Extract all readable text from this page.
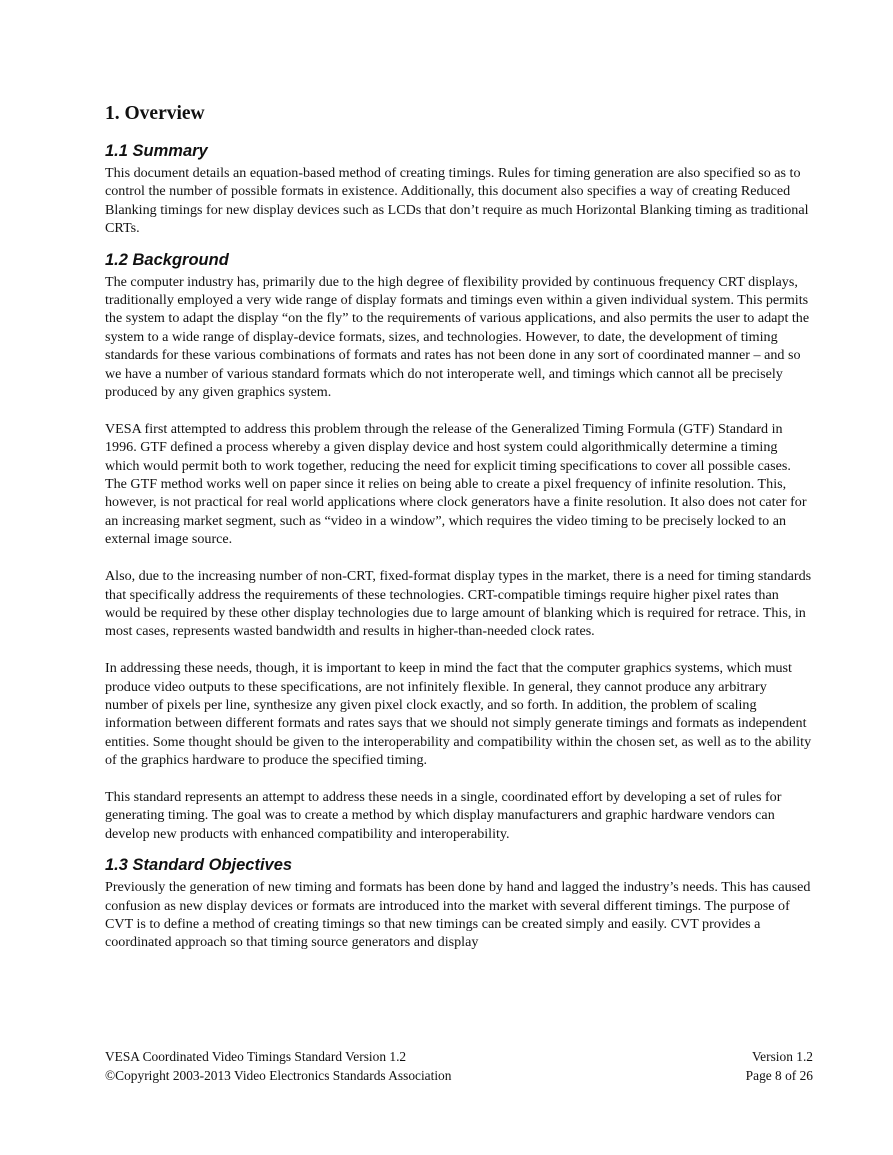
1. Overview
1.1 Summary

This document details an equation-based method of creating timings. Rules for timing generation are also specified so as to control the number of possible formats in existence. Additionally, this document also specifies a way of creating Reduced Blanking timings for new display devices such as LCDs that don’t require as much Horizontal Blanking timing as traditional CRTs.

1.2 Background

The computer industry has, primarily due to the high degree of flexibility provided by continuous frequency CRT displays, traditionally employed a very wide range of display formats and timings even within a given individual system. This permits the system to adapt the display “on the fly” to the requirements of various applications, and also permits the user to adapt the system to a wide range of display-device formats, sizes, and technologies. However, to date, the development of timing standards for these various combinations of formats and rates has not been done in any sort of coordinated manner – and so we have a number of various standard formats which do not interoperate well, and timings which cannot all be precisely produced by any given graphics system.

VESA first attempted to address this problem through the release of the Generalized Timing Formula (GTF) Standard in 1996. GTF defined a process whereby a given display device and host system could algorithmically determine a timing which would permit both to work together, reducing the need for explicit timing specifications to cover all possible cases. The GTF method works well on paper since it relies on being able to create a pixel frequency of infinite resolution. This, however, is not practical for real world applications where clock generators have a finite resolution. It also does not cater for an increasing market segment, such as “video in a window”, which requires the video timing to be precisely locked to an external image source.

Also, due to the increasing number of non-CRT, fixed-format display types in the market, there is a need for timing standards that specifically address the requirements of these technologies. CRT-compatible timings require higher pixel rates than would be required by these other display technologies due to large amount of blanking which is required for retrace. This, in most cases, represents wasted bandwidth and results in higher-than-needed clock rates.

In addressing these needs, though, it is important to keep in mind the fact that the computer graphics systems, which must produce video outputs to these specifications, are not infinitely flexible. In general, they cannot produce any arbitrary number of pixels per line, synthesize any given pixel clock exactly, and so forth. In addition, the problem of scaling information between different formats and rates says that we should not simply generate timings and formats as independent entities. Some thought should be given to the interoperability and compatibility within the chosen set, as well as to the ability of the graphics hardware to produce the specified timing.

This standard represents an attempt to address these needs in a single, coordinated effort by developing a set of rules for generating timing. The goal was to create a method by which display manufacturers and graphic hardware vendors can develop new products with enhanced compatibility and interoperability.

1.3 Standard Objectives

Previously the generation of new timing and formats has been done by hand and lagged the industry’s needs. This has caused confusion as new display devices or formats are introduced into the market with several different timings. The purpose of CVT is to define a method of creating timings so that new timings can be created simply and easily. CVT provides a coordinated approach so that timing source generators and display

VESA Coordinated Video Timings Standard Version 1.2	Version 1.2
©Copyright 2003-2013 Video Electronics Standards Association	Page 8 of 26
